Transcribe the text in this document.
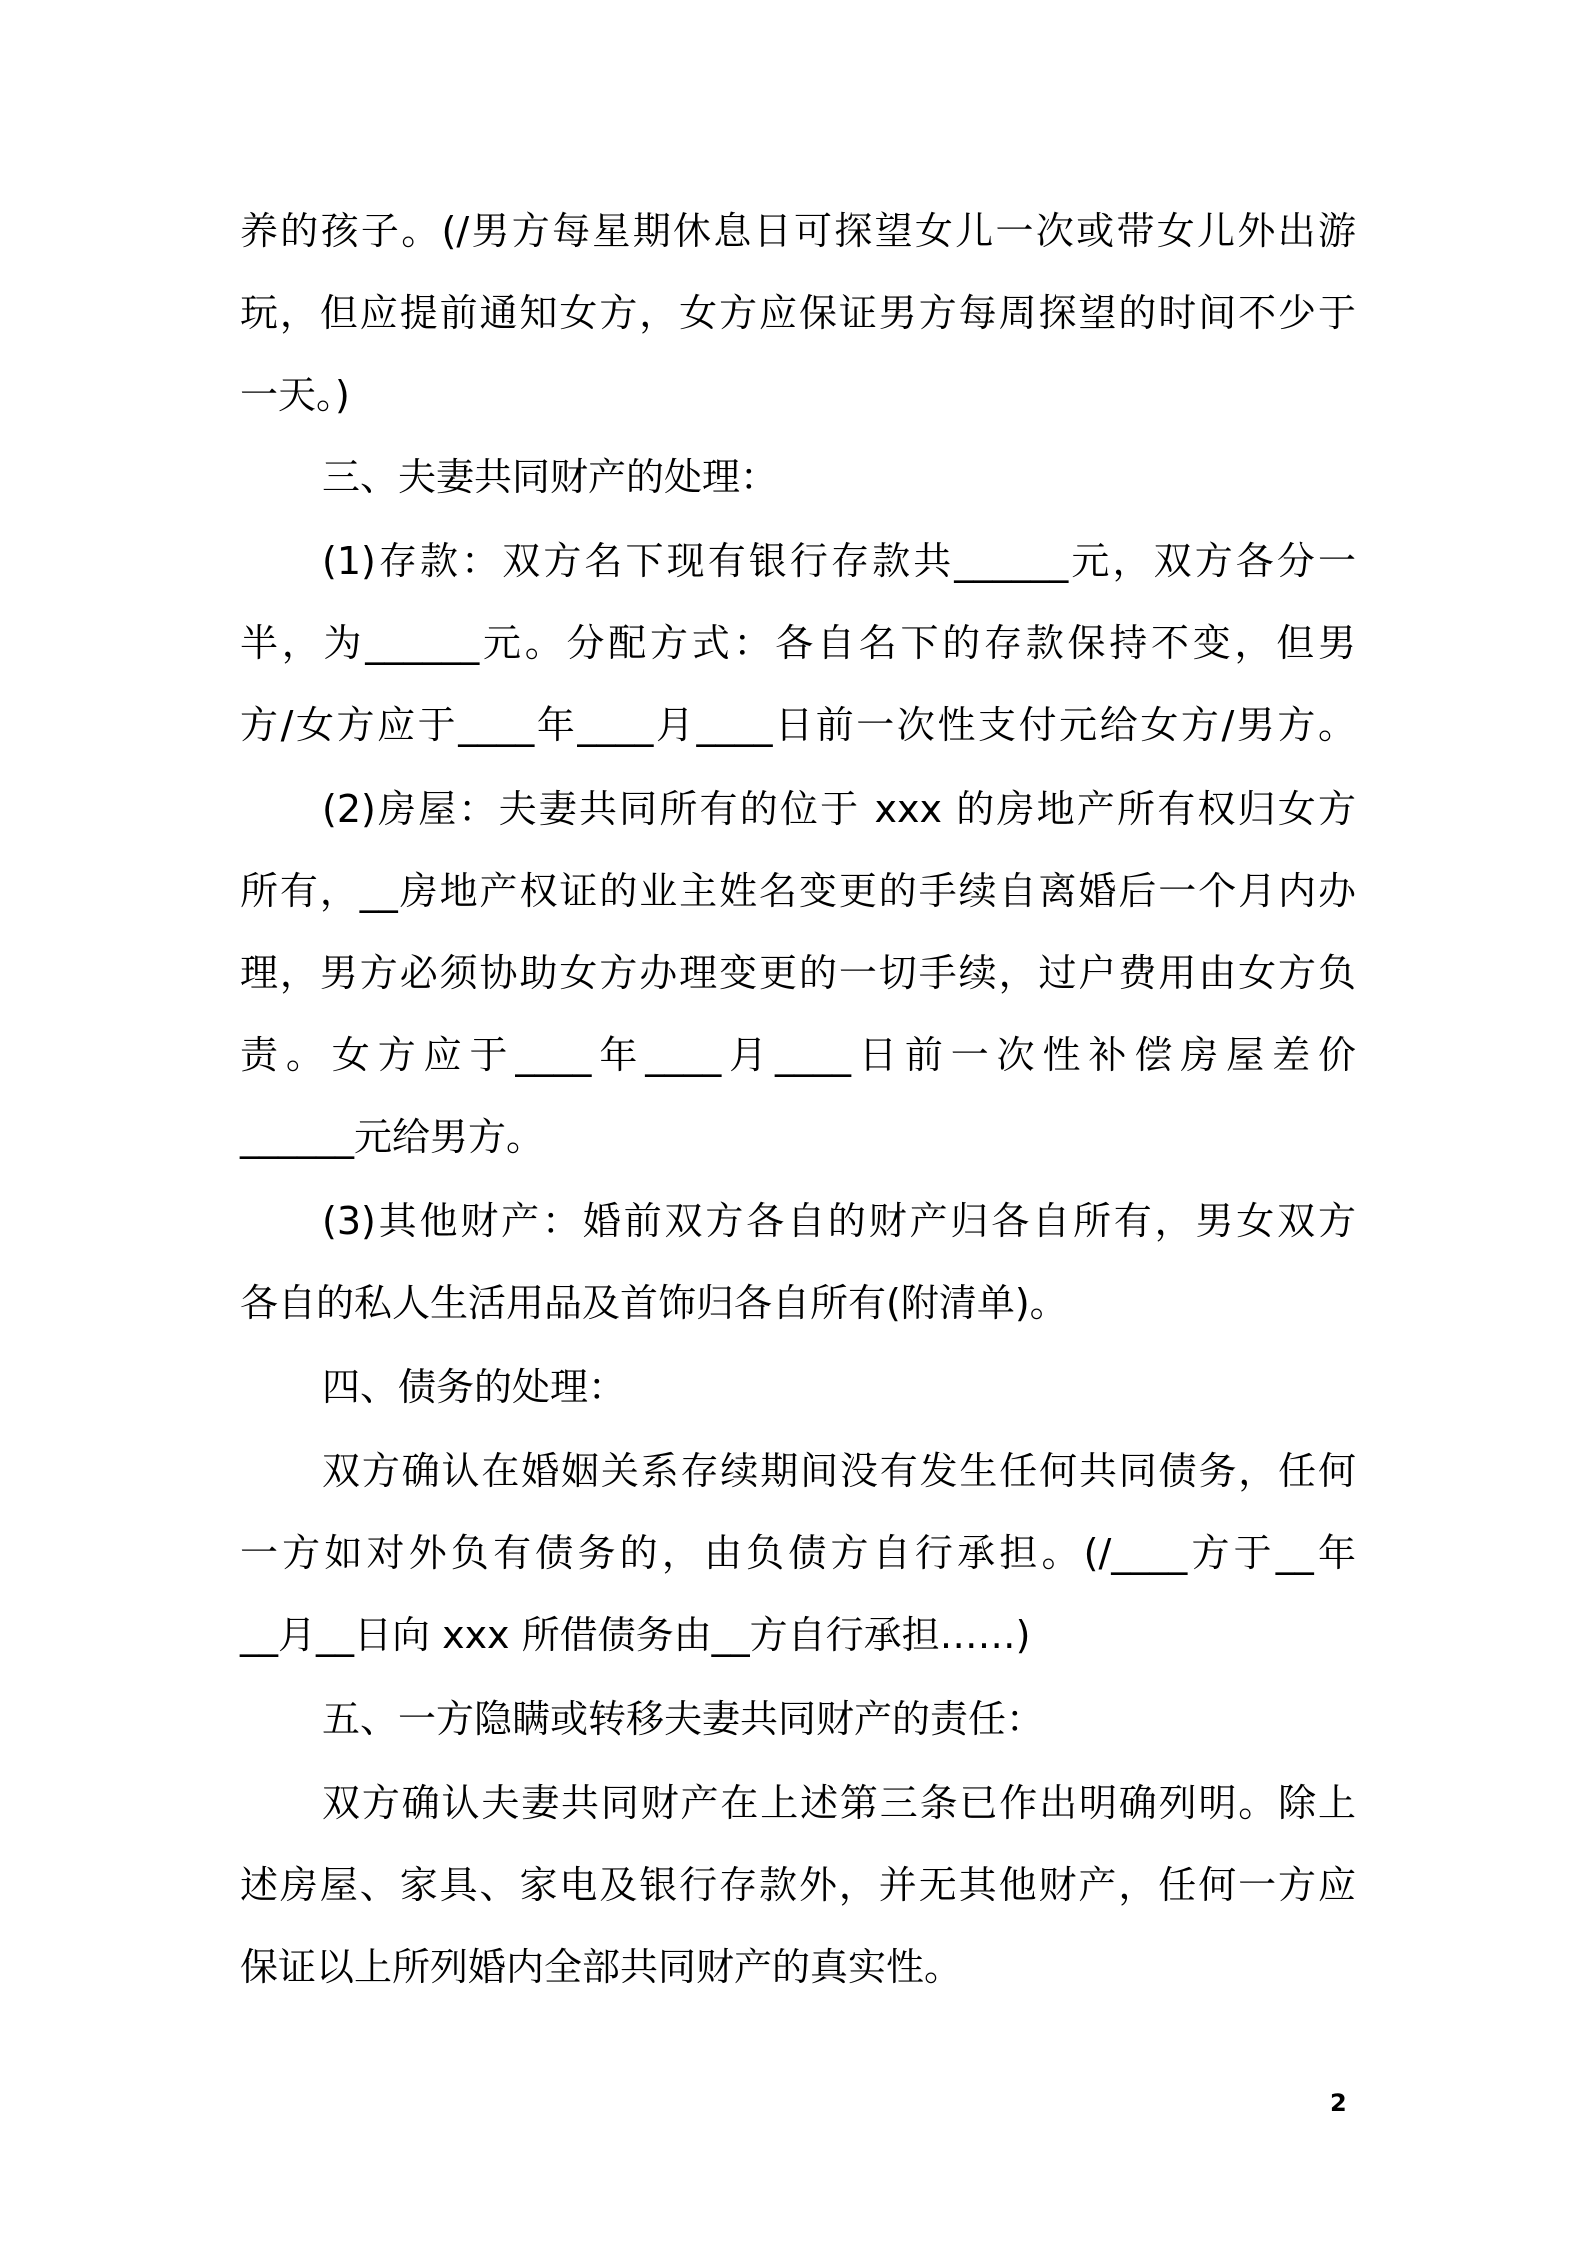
养的孩子。(/男方每星期休息日可探望女儿一次或带女儿外出游

玩，但应提前通知女方，女方应保证男方每周探望的时间不少于

一天。)

三、夫妻共同财产的处理：

(1)存款：双方名下现有银行存款共______元，双方各分一

半，为______元。分配方式：各自名下的存款保持不变，但男

方/女方应于____年____月____日前一次性支付元给女方/男方。

(2)房屋：夫妻共同所有的位于 xxx 的房地产所有权归女方

所有，__房地产权证的业主姓名变更的手续自离婚后一个月内办

理，男方必须协助女方办理变更的一切手续，过户费用由女方负

责。女方应于____年____月____日前一次性补偿房屋差价

______元给男方。

(3)其他财产：婚前双方各自的财产归各自所有，男女双方

各自的私人生活用品及首饰归各自所有(附清单)。

四、债务的处理：

双方确认在婚姻关系存续期间没有发生任何共同债务，任何

一方如对外负有债务的，由负债方自行承担。(/____方于__年

__月__日向 xxx 所借债务由__方自行承担……)

五、一方隐瞒或转移夫妻共同财产的责任：

双方确认夫妻共同财产在上述第三条已作出明确列明。除上

述房屋、家具、家电及银行存款外，并无其他财产，任何一方应

保证以上所列婚内全部共同财产的真实性。

2
